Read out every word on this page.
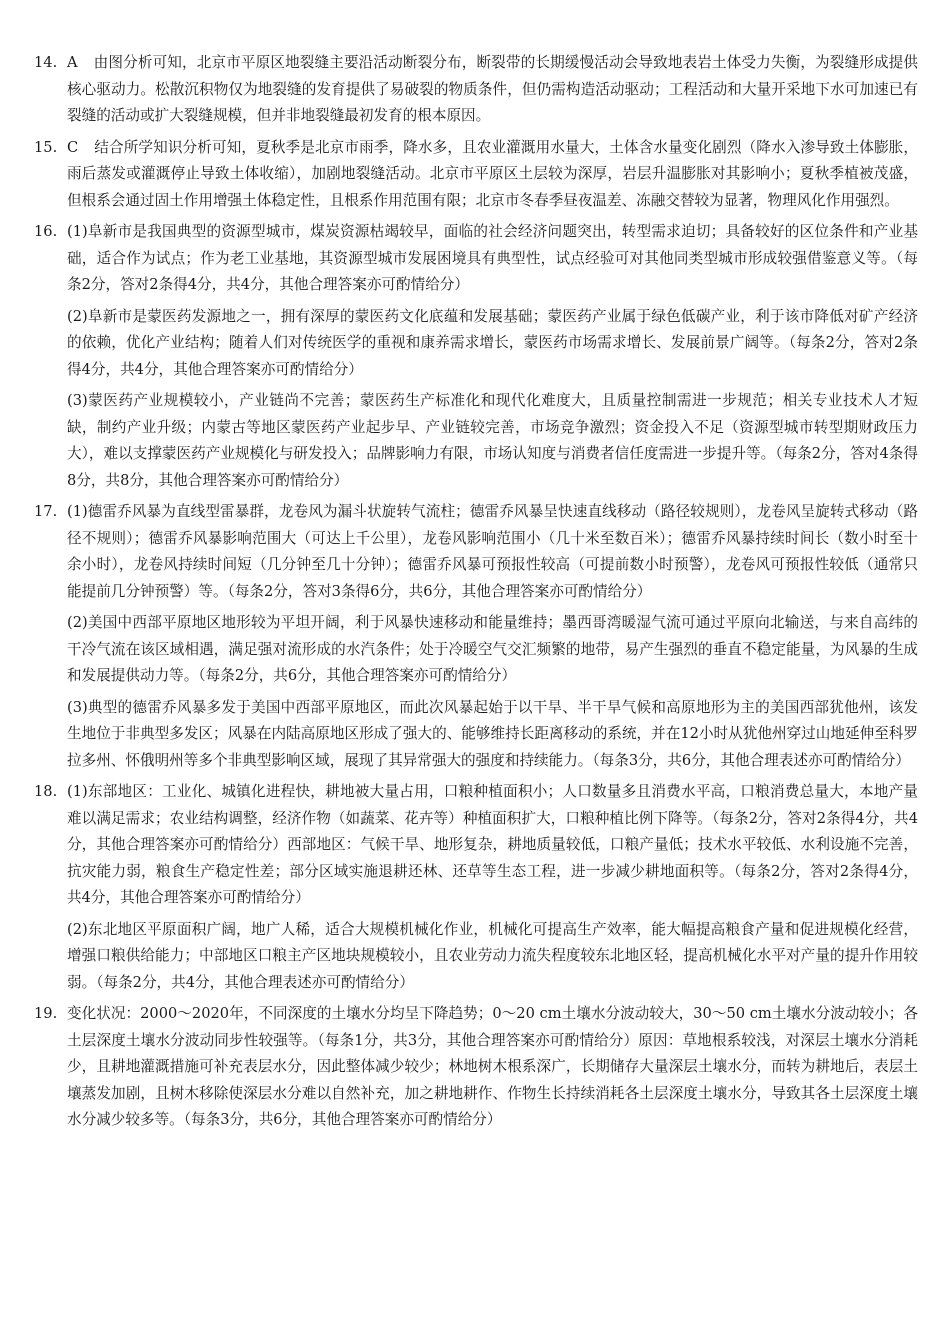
14. A 由图分析可知，北京市平原区地裂缝主要沿活动断裂分布，断裂带的长期缓慢活动会导致地表岩土体受力失衡，为裂缝形成提供核心驱动力。松散沉积物仅为地裂缝的发育提供了易破裂的物质条件，但仍需构造活动驱动；工程活动和大量开采地下水可加速已有裂缝的活动或扩大裂缝规模，但并非地裂缝最初发育的根本原因。

15. C 结合所学知识分析可知，夏秋季是北京市雨季，降水多，且农业灌溉用水量大，土体含水量变化剧烈（降水入渗导致土体膨胀，雨后蒸发或灌溉停止导致土体收缩），加剧地裂缝活动。北京市平原区土层较为深厚，岩层升温膨胀对其影响小；夏秋季植被茂盛，但根系会通过固土作用增强土体稳定性，且根系作用范围有限；北京市冬春季昼夜温差、冻融交替较为显著，物理风化作用强烈。

16. (1)阜新市是我国典型的资源型城市，煤炭资源枯竭较早，面临的社会经济问题突出，转型需求迫切；具备较好的区位条件和产业基础，适合作为试点；作为老工业基地，其资源型城市发展困境具有典型性，试点经验可对其他同类型城市形成较强借鉴意义等。（每条2分，答对2条得4分，共4分，其他合理答案亦可酌情给分）

(2)阜新市是蒙医药发源地之一，拥有深厚的蒙医药文化底蕴和发展基础；蒙医药产业属于绿色低碳产业，利于该市降低对矿产经济的依赖，优化产业结构；随着人们对传统医学的重视和康养需求增长，蒙医药市场需求增长、发展前景广阔等。（每条2分，答对2条得4分，共4分，其他合理答案亦可酌情给分）

(3)蒙医药产业规模较小，产业链尚不完善；蒙医药生产标准化和现代化难度大，且质量控制需进一步规范；相关专业技术人才短缺，制约产业升级；内蒙古等地区蒙医药产业起步早、产业链较完善，市场竞争激烈；资金投入不足（资源型城市转型期财政压力大），难以支撑蒙医药产业规模化与研发投入；品牌影响力有限，市场认知度与消费者信任度需进一步提升等。（每条2分，答对4条得8分，共8分，其他合理答案亦可酌情给分）

17. (1)德雷乔风暴为直线型雷暴群，龙卷风为漏斗状旋转气流柱；德雷乔风暴呈快速直线移动（路径较规则），龙卷风呈旋转式移动（路径不规则）；德雷乔风暴影响范围大（可达上千公里），龙卷风影响范围小（几十米至数百米）；德雷乔风暴持续时间长（数小时至十余小时），龙卷风持续时间短（几分钟至几十分钟）；德雷乔风暴可预报性较高（可提前数小时预警），龙卷风可预报性较低（通常只能提前几分钟预警）等。（每条2分，答对3条得6分，共6分，其他合理答案亦可酌情给分）

(2)美国中西部平原地区地形较为平坦开阔，利于风暴快速移动和能量维持；墨西哥湾暖湿气流可通过平原向北输送，与来自高纬的干冷气流在该区域相遇，满足强对流形成的水汽条件；处于冷暖空气交汇频繁的地带，易产生强烈的垂直不稳定能量，为风暴的生成和发展提供动力等。（每条2分，共6分，其他合理答案亦可酌情给分）

(3)典型的德雷乔风暴多发于美国中西部平原地区，而此次风暴起始于以干旱、半干旱气候和高原地形为主的美国西部犹他州，该发生地位于非典型多发区；风暴在内陆高原地区形成了强大的、能够维持长距离移动的系统，并在12小时从犹他州穿过山地延伸至科罗拉多州、怀俄明州等多个非典型影响区域，展现了其异常强大的强度和持续能力。（每条3分，共6分，其他合理表述亦可酌情给分）

18. (1)东部地区：工业化、城镇化进程快，耕地被大量占用，口粮种植面积小；人口数量多且消费水平高，口粮消费总量大，本地产量难以满足需求；农业结构调整，经济作物（如蔬菜、花卉等）种植面积扩大，口粮种植比例下降等。（每条2分，答对2条得4分，共4分，其他合理答案亦可酌情给分）西部地区：气候干旱、地形复杂，耕地质量较低，口粮产量低；技术水平较低、水利设施不完善，抗灾能力弱，粮食生产稳定性差；部分区域实施退耕还林、还草等生态工程，进一步减少耕地面积等。（每条2分，答对2条得4分，共4分，其他合理答案亦可酌情给分）

(2)东北地区平原面积广阔，地广人稀，适合大规模机械化作业，机械化可提高生产效率，能大幅提高粮食产量和促进规模化经营，增强口粮供给能力；中部地区口粮主产区地块规模较小，且农业劳动力流失程度较东北地区轻，提高机械化水平对产量的提升作用较弱。（每条2分，共4分，其他合理表述亦可酌情给分）

19. 变化状况：2000～2020年，不同深度的土壤水分均呈下降趋势；0～20 cm土壤水分波动较大，30～50 cm土壤水分波动较小；各土层深度土壤水分波动同步性较强等。（每条1分，共3分，其他合理答案亦可酌情给分）原因：草地根系较浅，对深层土壤水分消耗少，且耕地灌溉措施可补充表层水分，因此整体减少较少；林地树木根系深广，长期储存大量深层土壤水分，而转为耕地后，表层土壤蒸发加剧，且树木移除使深层水分难以自然补充，加之耕地耕作、作物生长持续消耗各土层深度土壤水分，导致其各土层深度土壤水分减少较多等。（每条3分，共6分，其他合理答案亦可酌情给分）
